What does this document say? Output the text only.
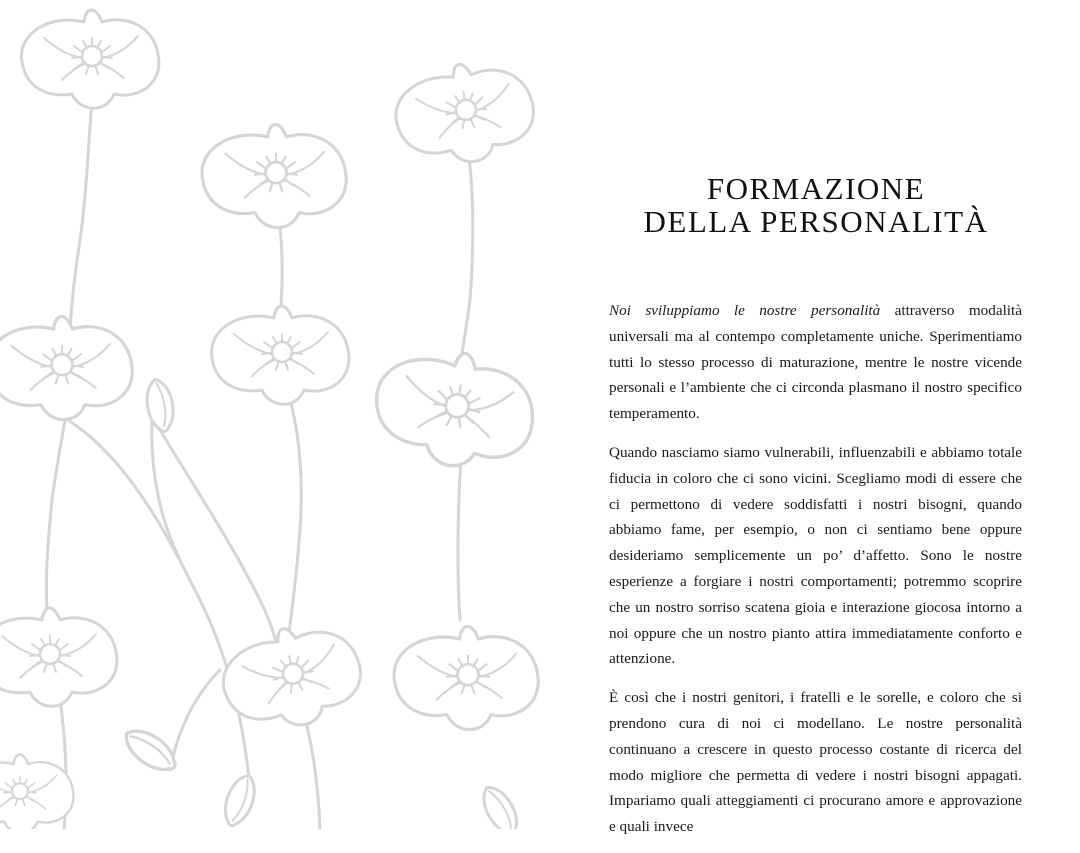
FORMAZIONE
DELLA PERSONALITÀ

Noi sviluppiamo le nostre personalità attraverso modalità universali ma al contempo completamente uniche. Sperimentiamo tutti lo stesso processo di maturazione, mentre le nostre vicende personali e l’ambiente che ci circonda plasmano il nostro specifico temperamento.

Quando nasciamo siamo vulnerabili, influenzabili e abbiamo totale fiducia in coloro che ci sono vicini. Scegliamo modi di essere che ci permettono di vedere soddisfatti i nostri bisogni, quando abbiamo fame, per esempio, o non ci sentiamo bene oppure desideriamo semplicemente un po’ d’affetto. Sono le nostre esperienze a forgiare i nostri comportamenti; potremmo scoprire che un nostro sorriso scatena gioia e interazione giocosa intorno a noi oppure che un nostro pianto attira immediatamente conforto e attenzione.

È così che i nostri genitori, i fratelli e le sorelle, e coloro che si prendono cura di noi ci modellano. Le nostre personalità continuano a crescere in questo processo costante di ricerca del modo migliore che permetta di vedere i nostri bisogni appagati. Impariamo quali atteggiamenti ci procurano amore e approvazione e quali invece
